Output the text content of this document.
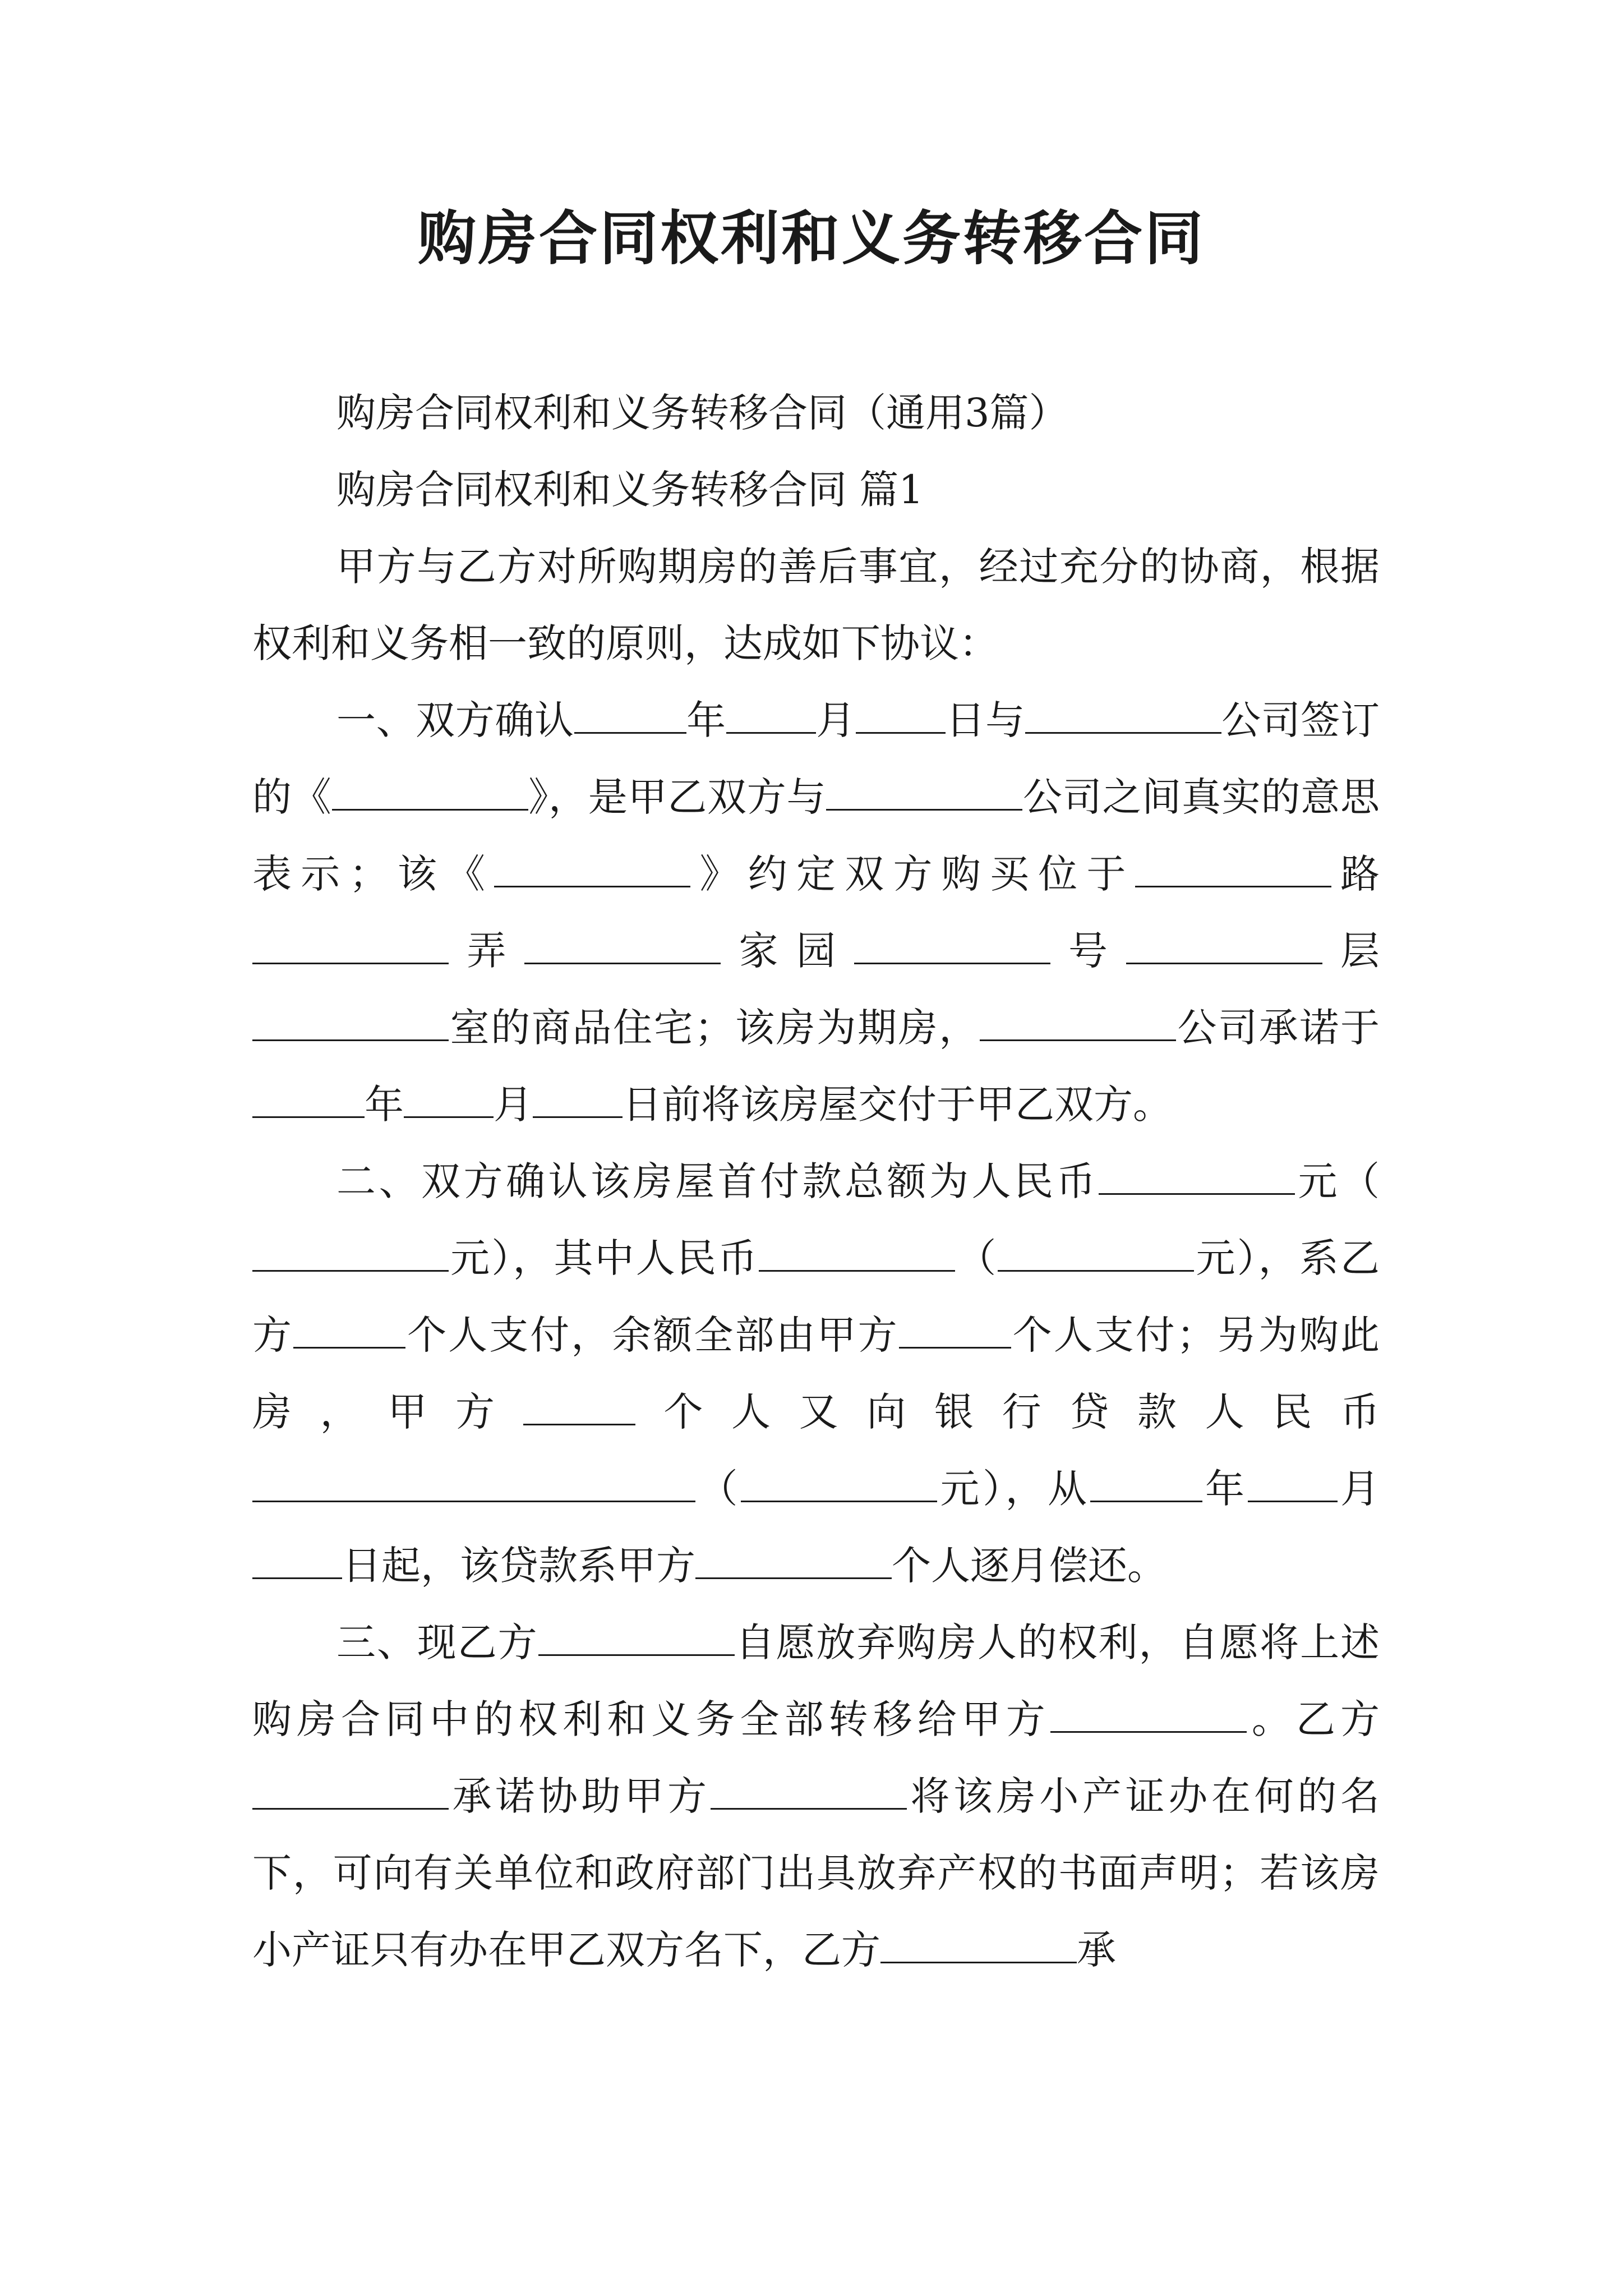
购房合同权利和义务转移合同

购房合同权利和义务转移合同（通用3篇）

购房合同权利和义务转移合同 篇1

甲方与乙方对所购期房的善后事宜，经过充分的协商，根据权利和义务相一致的原则，达成如下协议：

一、双方确认	年 月 日与	公司签订的《	》，是甲乙双方与	公司之间真实的意思表示；该《	》约定双方购买位于	路弄	家园	号	层室的商品住宅；该房为期房，	公司承诺于年 月 日前将该房屋交付于甲乙双方。

二、双方确认该房屋首付款总额为人民币	元（元），其中人民币	（	元），系乙方	个人支付，余额全部由甲方	个人支付；另为购此房，甲方	个人又向银行贷款人民币（	元），从	年 月日起，该贷款系甲方	个人逐月偿还。

三、现乙方	自愿放弃购房人的权利，自愿将上述购房合同中的权利和义务全部转移给甲方	。乙方承诺协助甲方	将该房小产证办在何的名下，可向有关单位和政府部门出具放弃产权的书面声明；若该房小产证只有办在甲乙双方名下，乙方	承
